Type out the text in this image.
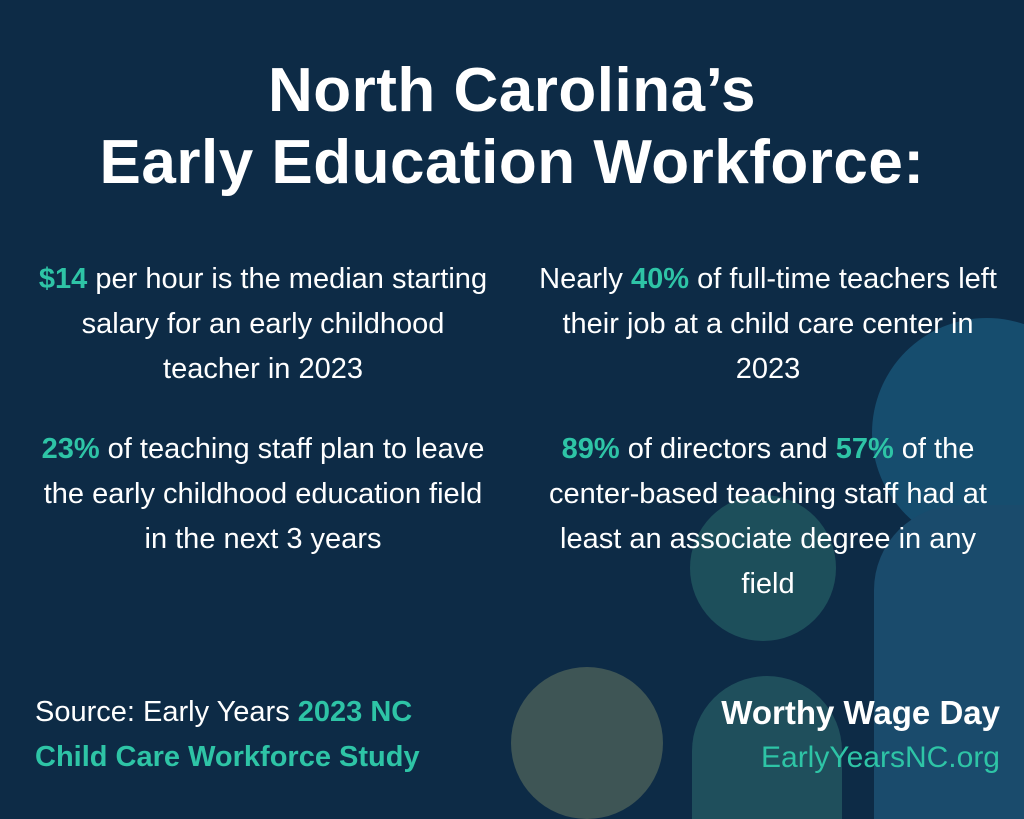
North Carolina’s
Early Education Workforce:
$14 per hour is the median starting salary for an early childhood teacher in 2023
Nearly 40% of full-time teachers left their job at a child care center in 2023
23% of teaching staff plan to leave the early childhood education field in the next 3 years
89% of directors and 57% of the center-based teaching staff had at least an associate degree in any field
Source: Early Years 2023 NC
Child Care Workforce Study
Worthy Wage Day
EarlyYearsNC.org
